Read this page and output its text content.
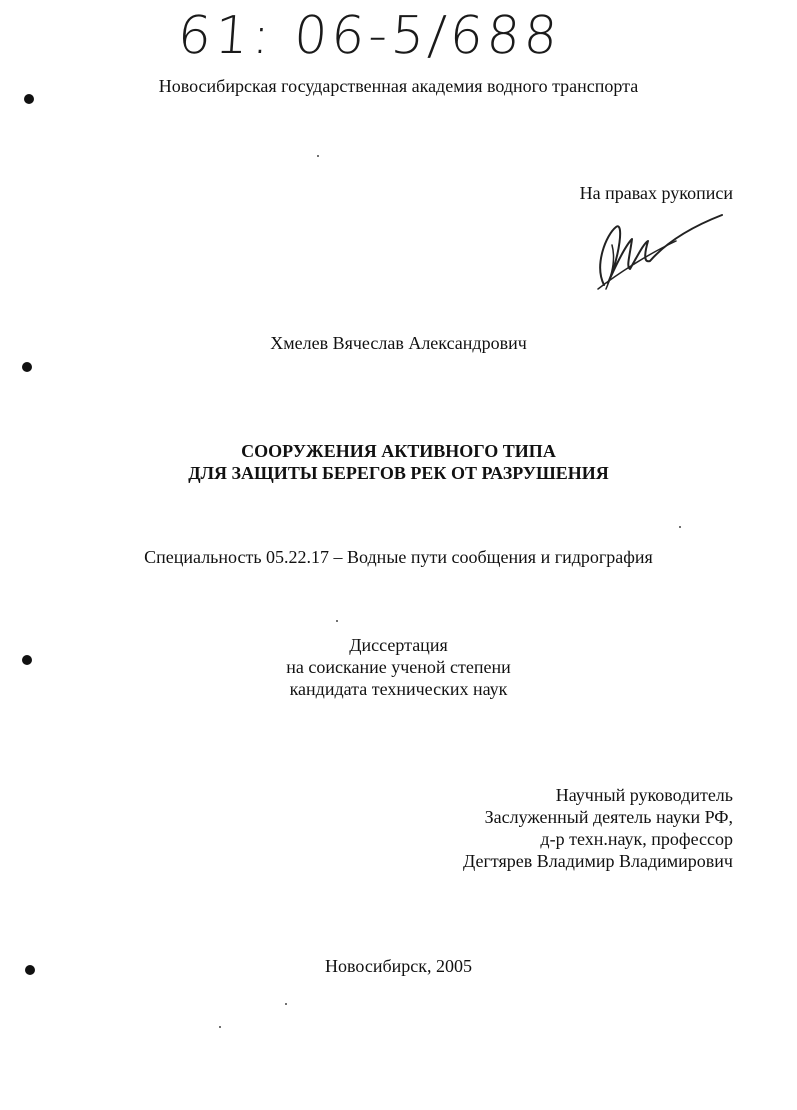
61: 06-5/688
Новосибирская государственная академия водного транспорта
На правах рукописи
Хмелев Вячеслав Александрович
СООРУЖЕНИЯ АКТИВНОГО ТИПА
ДЛЯ ЗАЩИТЫ БЕРЕГОВ РЕК ОТ РАЗРУШЕНИЯ
Специальность 05.22.17 – Водные пути сообщения и гидрография
Диссертация
на соискание ученой степени
кандидата технических наук
Научный руководитель
Заслуженный деятель науки РФ,
д-р техн.наук, профессор
Дегтярев Владимир Владимирович
Новосибирск, 2005
